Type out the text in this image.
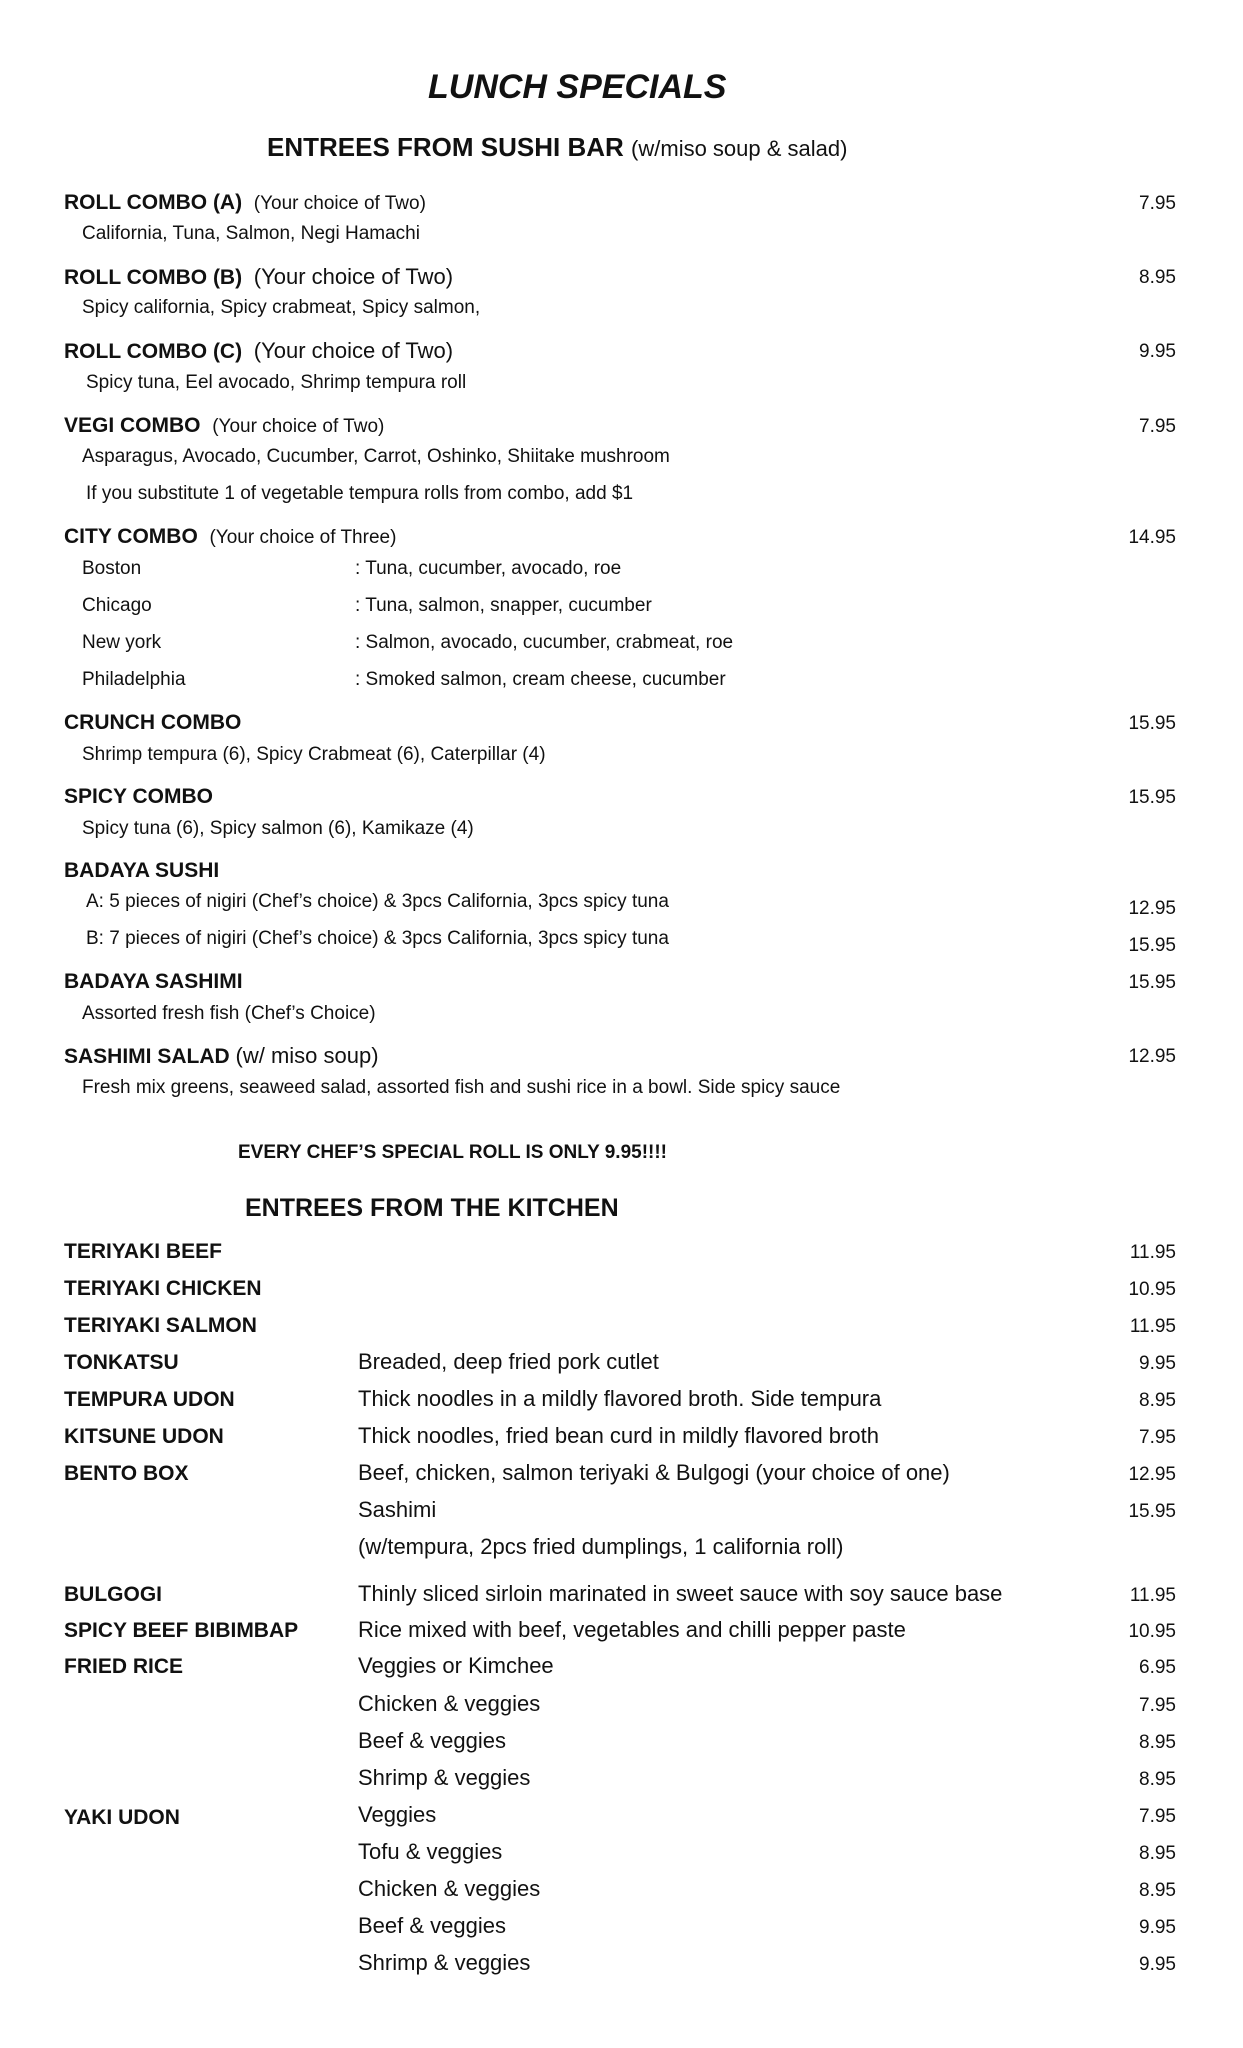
LUNCH SPECIALS
ENTREES FROM SUSHI BAR (w/miso soup & salad)
ROLL COMBO (A) (Your choice of Two)	7.95
California, Tuna, Salmon, Negi Hamachi
ROLL COMBO (B) (Your choice of Two)	8.95
Spicy california, Spicy crabmeat, Spicy salmon,
ROLL COMBO (C) (Your choice of Two)	9.95
Spicy tuna, Eel avocado, Shrimp tempura roll
VEGI COMBO (Your choice of Two)	7.95
Asparagus, Avocado, Cucumber, Carrot, Oshinko, Shiitake mushroom
If you substitute 1 of vegetable tempura rolls from combo, add $1
CITY COMBO (Your choice of Three)	14.95
Boston	: Tuna, cucumber, avocado, roe
Chicago	: Tuna, salmon, snapper, cucumber
New york	: Salmon, avocado, cucumber, crabmeat, roe
Philadelphia	: Smoked salmon, cream cheese, cucumber
CRUNCH COMBO	15.95
Shrimp tempura (6), Spicy Crabmeat (6), Caterpillar (4)
SPICY COMBO	15.95
Spicy tuna (6), Spicy salmon (6), Kamikaze (4)
BADAYA SUSHI
A: 5 pieces of nigiri (Chef’s choice) & 3pcs California, 3pcs spicy tuna	12.95
B: 7 pieces of nigiri (Chef’s choice) & 3pcs California, 3pcs spicy tuna	15.95
BADAYA SASHIMI	15.95
Assorted fresh fish (Chef’s Choice)
SASHIMI SALAD (w/ miso soup)	12.95
Fresh mix greens, seaweed salad, assorted fish and sushi rice in a bowl. Side spicy sauce
EVERY CHEF’S SPECIAL ROLL IS ONLY 9.95!!!!
ENTREES FROM THE KITCHEN
TERIYAKI BEEF	11.95
TERIYAKI CHICKEN	10.95
TERIYAKI SALMON	11.95
TONKATSU	Breaded, deep fried pork cutlet	9.95
TEMPURA UDON	Thick noodles in a mildly flavored broth. Side tempura	8.95
KITSUNE UDON	Thick noodles, fried bean curd in mildly flavored broth	7.95
BENTO BOX	Beef, chicken, salmon teriyaki & Bulgogi (your choice of one)	12.95
Sashimi	15.95
(w/tempura, 2pcs fried dumplings, 1 california roll)
BULGOGI	Thinly sliced sirloin marinated in sweet sauce with soy sauce base	11.95
SPICY BEEF BIBIMBAP	Rice mixed with beef, vegetables and chilli pepper paste	10.95
FRIED RICE	Veggies or Kimchee	6.95
Chicken & veggies	7.95
Beef & veggies	8.95
Shrimp & veggies	8.95
YAKI UDON	Veggies	7.95
Tofu & veggies	8.95
Chicken & veggies	8.95
Beef & veggies	9.95
Shrimp & veggies	9.95
